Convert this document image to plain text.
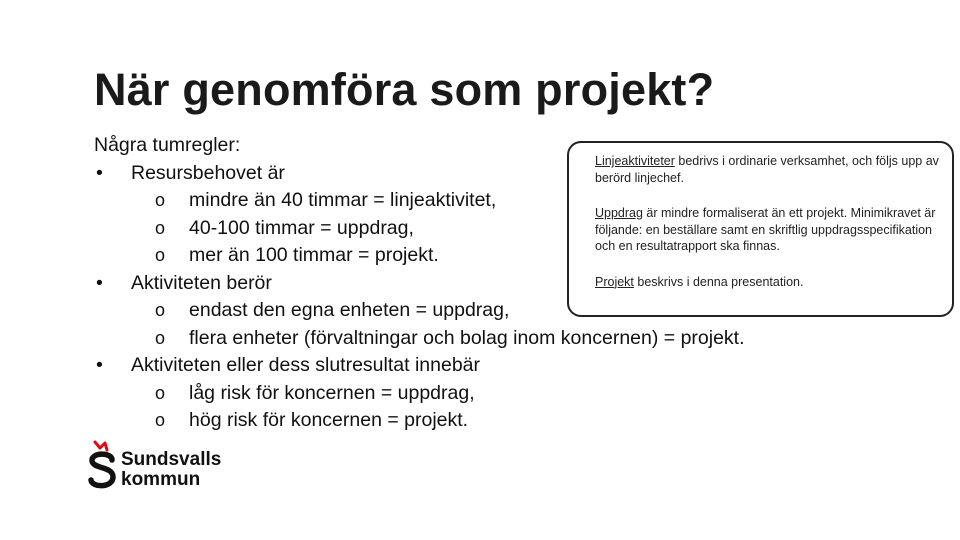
När genomföra som projekt?
Några tumregler:
• Resursbehovet är
o mindre än 40 timmar = linjeaktivitet,
o 40-100 timmar = uppdrag,
o mer än 100 timmar = projekt.
• Aktiviteten berör
o endast den egna enheten = uppdrag,
o flera enheter (förvaltningar och bolag inom koncernen) = projekt.
• Aktiviteten eller dess slutresultat innebär
o låg risk för koncernen = uppdrag,
o hög risk för koncernen = projekt.

Linjeaktiviteter bedrivs i ordinarie verksamhet, och följs upp av berörd linjechef.

Uppdrag är mindre formaliserat än ett projekt. Minimikravet är följande: en beställare samt en skriftlig uppdragsspecifikation och en resultatrapport ska finnas.

Projekt beskrivs i denna presentation.

Sundsvalls
kommun
